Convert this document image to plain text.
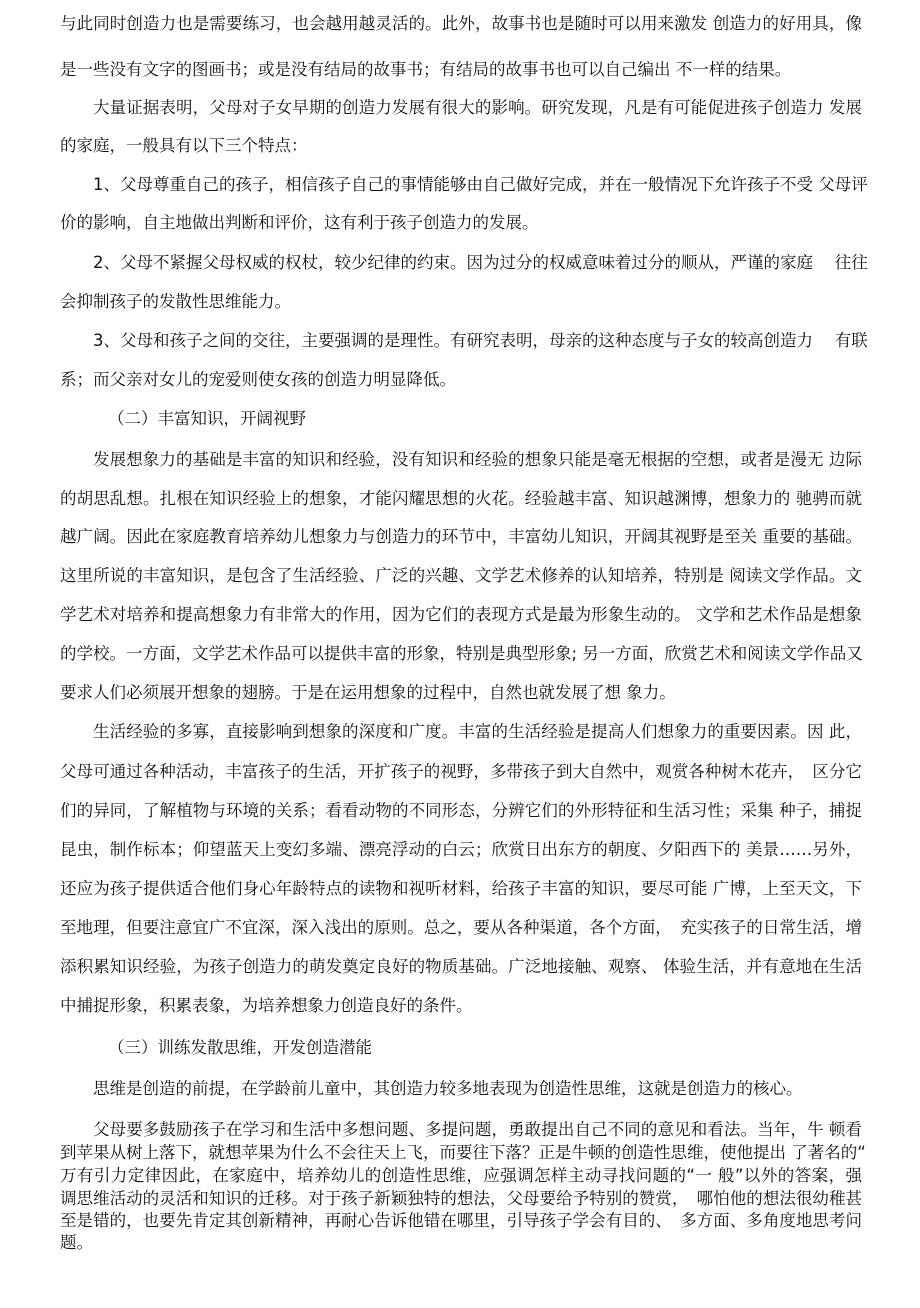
与此同时创造力也是需要练习，也会越用越灵活的。此外，故事书也是随时可以用来激发 创造力的好用具，像
是一些没有文字的图画书；或是没有结局的故事书；有结局的故事书也可以自己编出 不一样的结果。
大量证据表明，父母对子女早期的创造力发展有很大的影响。研究发现，凡是有可能促进孩子创造力 发展
的家庭，一般具有以下三个特点：
1、父母尊重自己的孩子，相信孩子自己的事情能够由自己做好完成，并在一般情况下允许孩子不受 父母评
价的影响，自主地做出判断和评价，这有利于孩子创造力的发展。
2、父母不紧握父母权威的权杖，较少纪律的约束。因为过分的权威意味着过分的顺从，严谨的家庭　 往往
会抑制孩子的发散性思维能力。
3、父母和孩子之间的交往，主要强调的是理性。有研究表明，母亲的这种态度与子女的较高创造力　 有联
系；而父亲对女儿的宠爱则使女孩的创造力明显降低。
（二）丰富知识，开阔视野
发展想象力的基础是丰富的知识和经验，没有知识和经验的想象只能是毫无根据的空想，或者是漫无 边际
的胡思乱想。扎根在知识经验上的想象，才能闪耀思想的火花。经验越丰富、知识越渊博，想象力的 驰骋而就
越广阔。因此在家庭教育培养幼儿想象力与创造力的环节中，丰富幼儿知识，开阔其视野是至关 重要的基础。
这里所说的丰富知识，是包含了生活经验、广泛的兴趣、文学艺术修养的认知培养，特别是 阅读文学作品。文
学艺术对培养和提高想象力有非常大的作用，因为它们的表现方式是最为形象生动的。 文学和艺术作品是想象
的学校。一方面，文学艺术作品可以提供丰富的形象，特别是典型形象; 另一方面，欣赏艺术和阅读文学作品又
要求人们必须展开想象的翅膀。于是在运用想象的过程中，自然也就发展了想 象力。
生活经验的多寡，直接影响到想象的深度和广度。丰富的生活经验是提高人们想象力的重要因素。因 此，
父母可通过各种活动，丰富孩子的生活，开扩孩子的视野，多带孩子到大自然中，观赏各种树木花卉，　区分它
们的异同，了解植物与环境的关系；看看动物的不同形态，分辨它们的外形特征和生活习性；采集 种子，捕捉
昆虫，制作标本；仰望蓝天上变幻多端、漂亮浮动的白云；欣赏日出东方的朝度、夕阳西下的 美景……另外，
还应为孩子提供适合他们身心年龄特点的读物和视听材料，给孩子丰富的知识，要尽可能 广博，上至天文，下
至地理，但要注意宜广不宜深，深入浅出的原则。总之，要从各种渠道，各个方面，　充实孩子的日常生活，增
添积累知识经验，为孩子创造力的萌发奠定良好的物质基础。广泛地接触、观察、 体验生活，并有意地在生活
中捕捉形象，积累表象，为培养想象力创造良好的条件。
（三）训练发散思维，开发创造潜能
思维是创造的前提，在学龄前儿童中，其创造力较多地表现为创造性思维，这就是创造力的核心。
父母要多鼓励孩子在学习和生活中多想问题、多提问题，勇敢提出自己不同的意见和看法。当年，牛 顿看
到苹果从树上落下，就想苹果为什么不会往天上飞，而要往下落？正是牛顿的创造性思维，使他提出 了著名的“
万有引力定律因此，在家庭中，培养幼儿的创造性思维，应强调怎样主动寻找问题的“一 般”以外的答案，强
调思维活动的灵活和知识的迁移。对于孩子新颖独特的想法，父母要给予特别的赞赏，　哪怕他的想法很幼稚甚
至是错的，也要先肯定其创新精神，再耐心告诉他错在哪里，引导孩子学会有目的、　多方面、多角度地思考问
题。
